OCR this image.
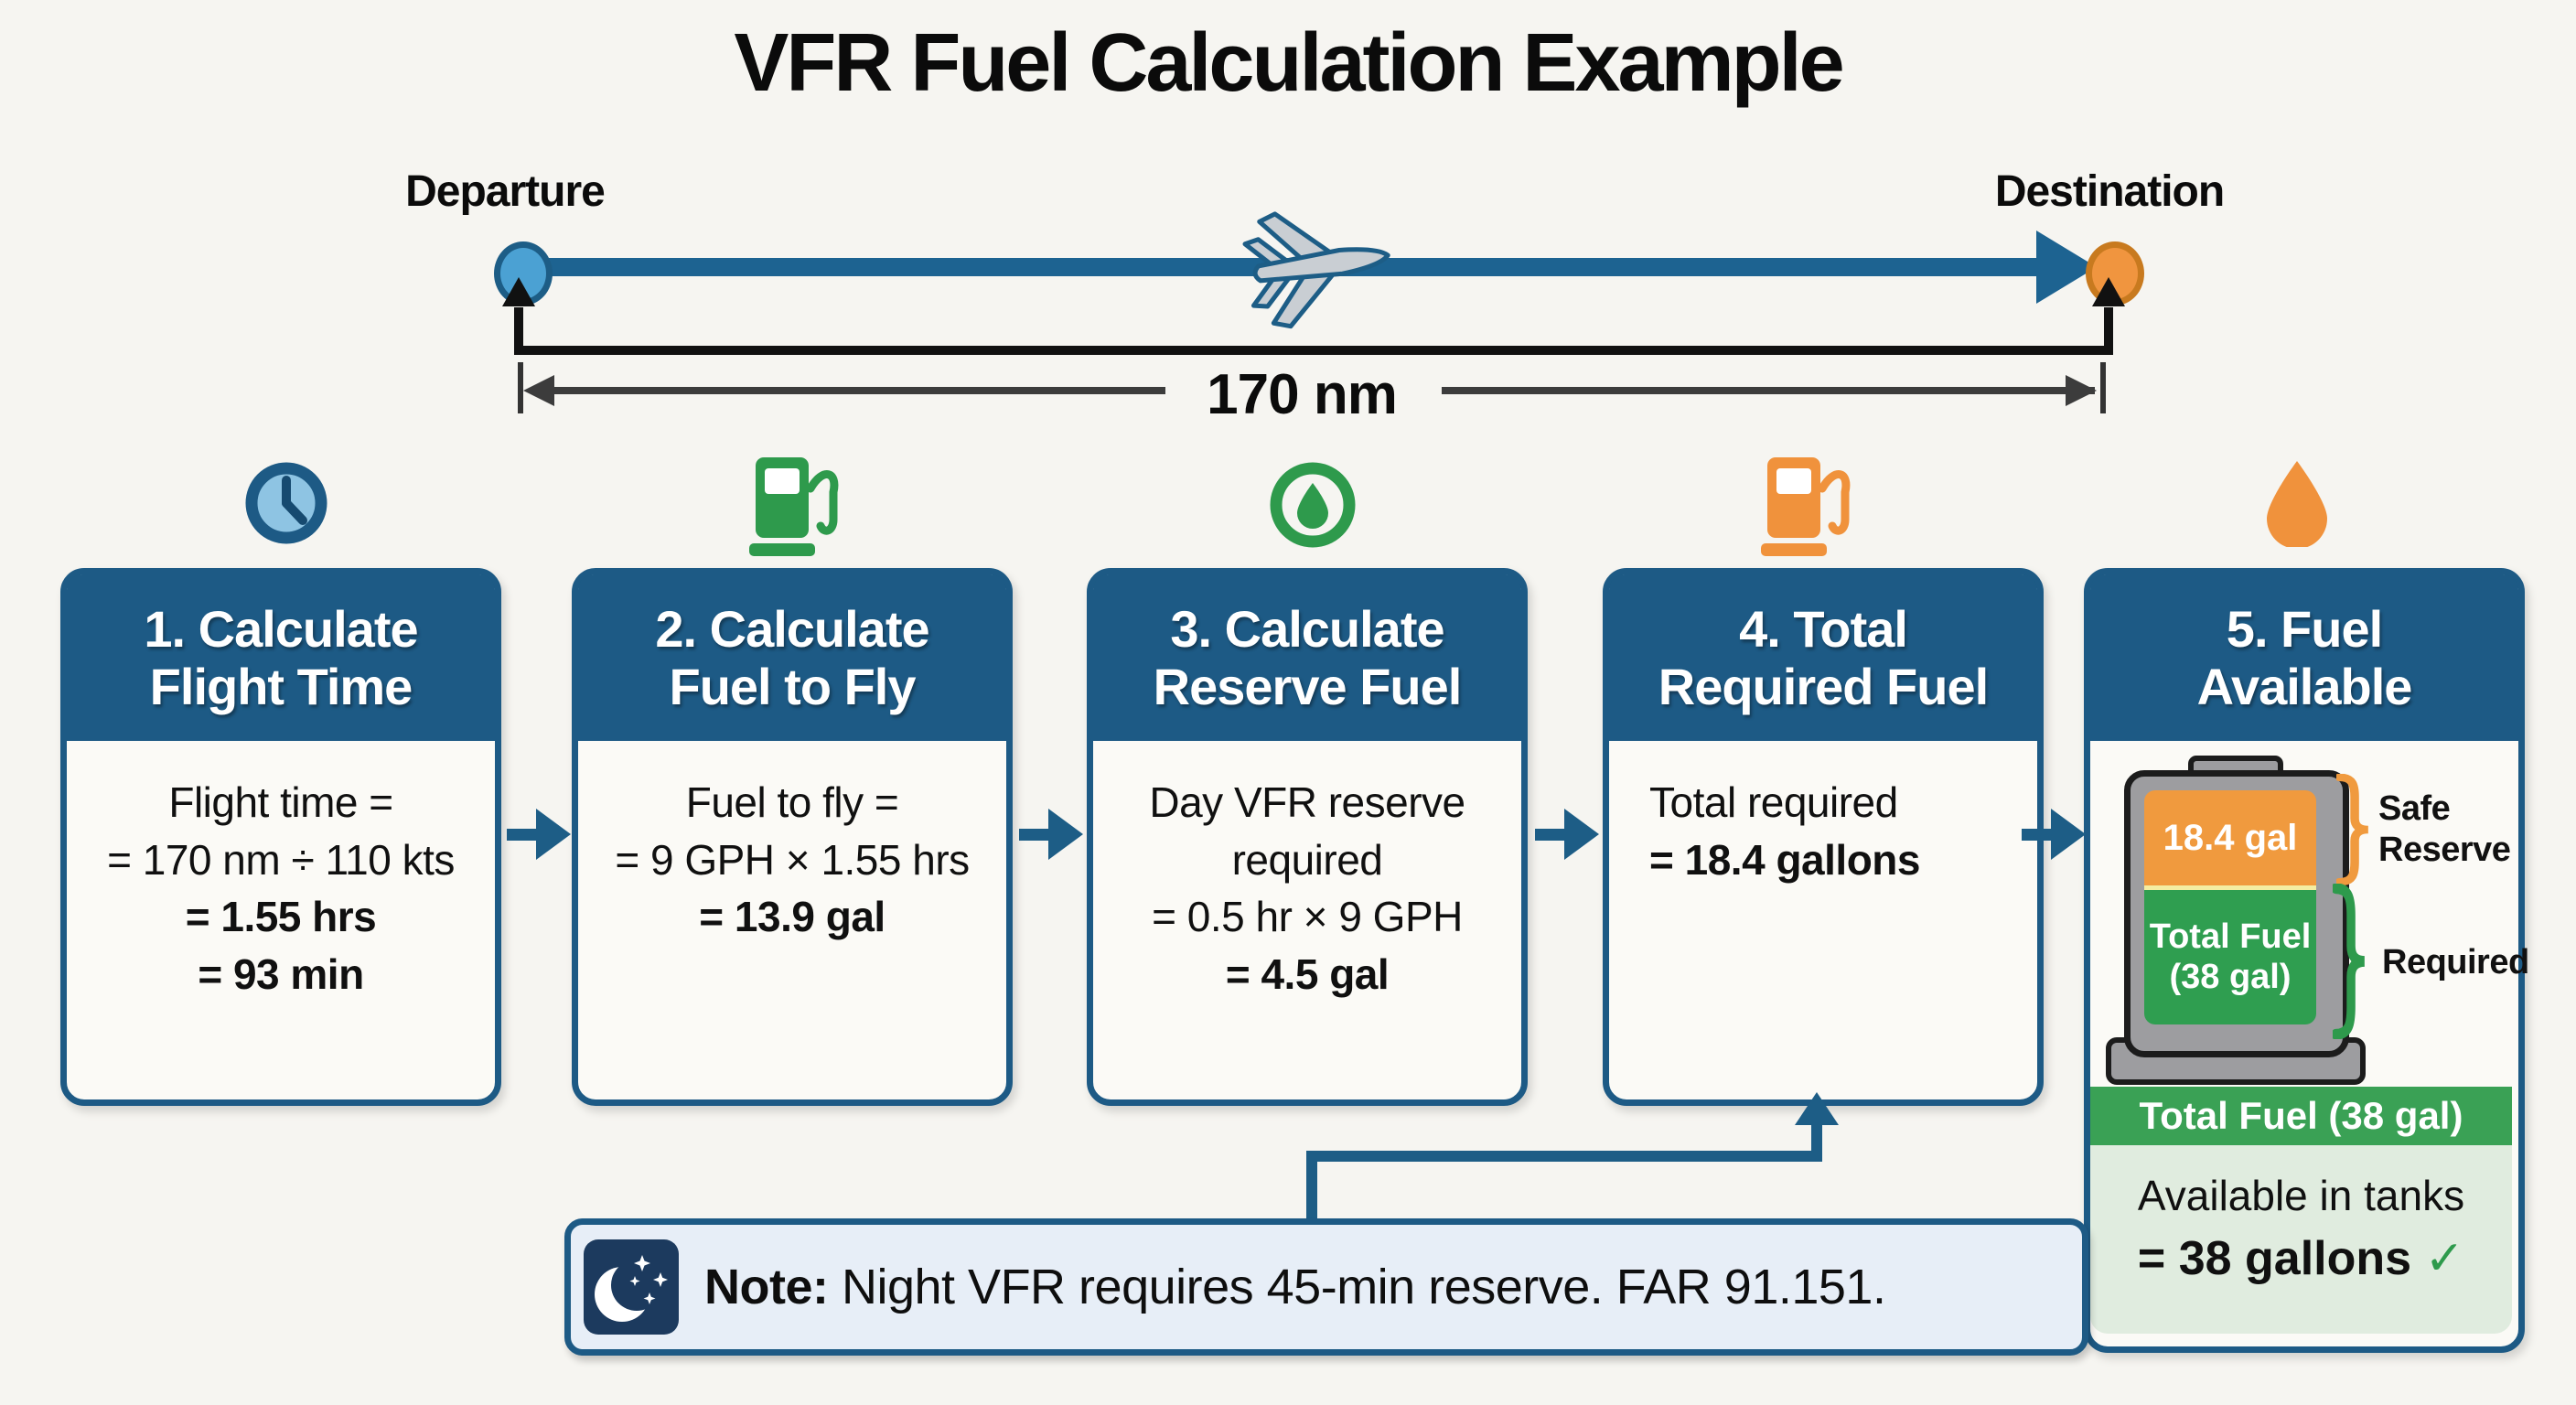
VFR Fuel Calculation Example
Departure	Destination
170 nm
1. Calculate
Flight Time
Flight time =
= 170 nm ÷ 110 kts
= 1.55 hrs
= 93 min
2. Calculate
Fuel to Fly
Fuel to fly =
= 9 GPH × 1.55 hrs
= 13.9 gal
3. Calculate
Reserve Fuel
Day VFR reserve
required
= 0.5 hr × 9 GPH
= 4.5 gal
4. Total
Required Fuel
Total required
= 18.4 gallons
5. Fuel
Available
18.4 gal
Total Fuel
(38 gal)
Safe
Reserve
Required
Total Fuel (38 gal)
Available in tanks
= 38 gallons ✓
Note: Night VFR requires 45-min reserve. FAR 91.151.
